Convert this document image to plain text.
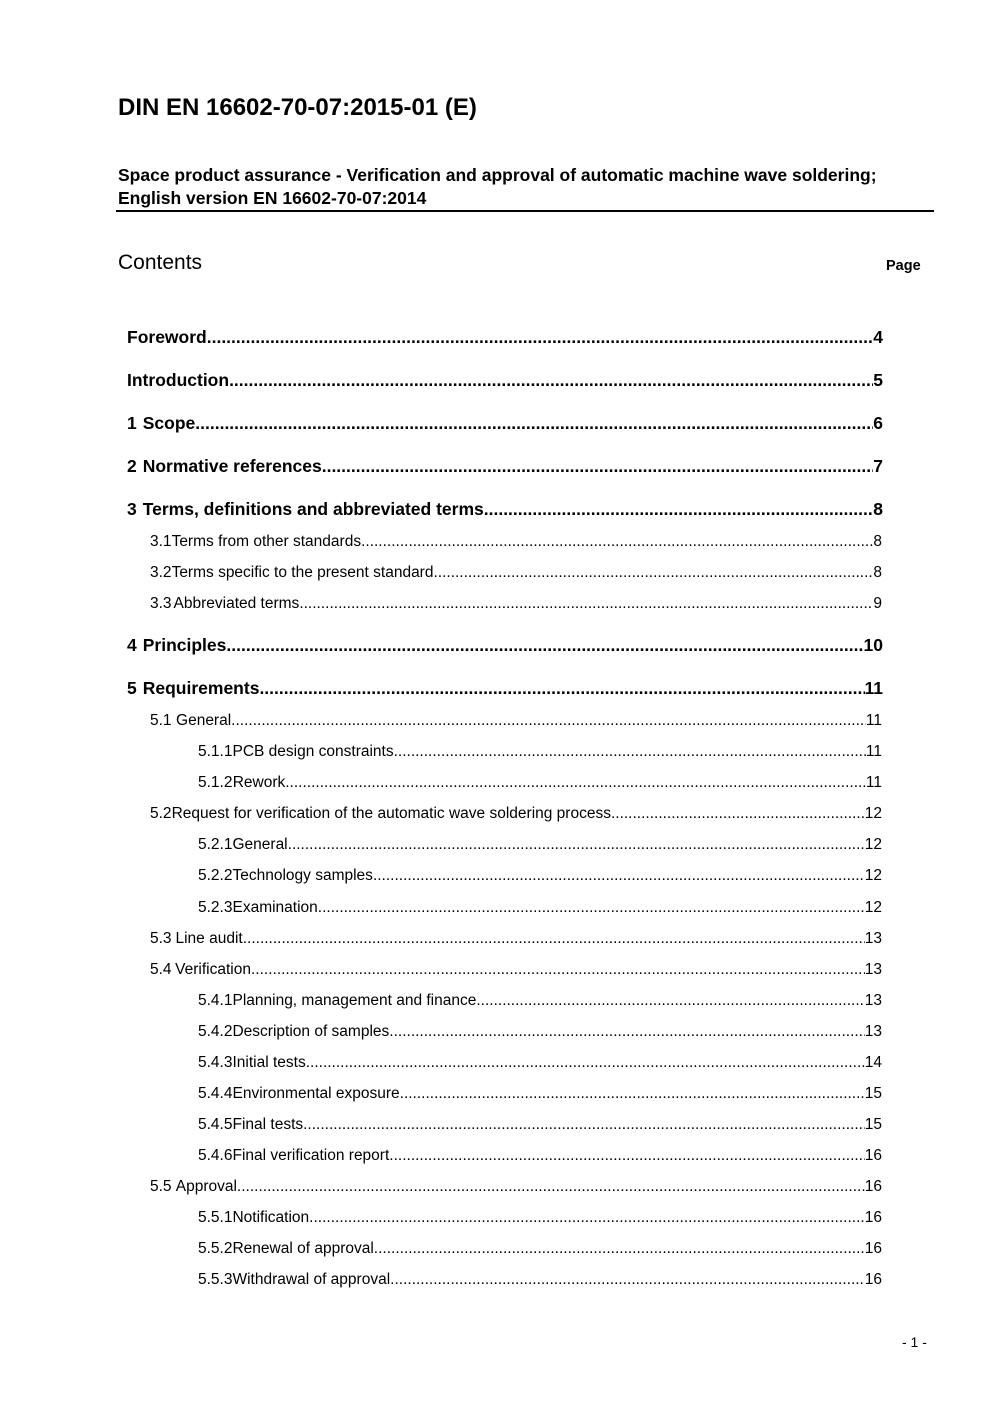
DIN EN 16602-70-07:2015-01 (E)
Space product assurance - Verification and approval of automatic machine wave soldering; English version EN 16602-70-07:2014
Contents	Page
Foreword .....	4
Introduction .....	5
1 Scope .....	6
2 Normative references .....	7
3 Terms, definitions and abbreviated terms .....	8
3.1 Terms from other standards .....	8
3.2 Terms specific to the present standard .....	8
3.3 Abbreviated terms .....	9
4 Principles .....	10
5 Requirements .....	11
5.1 General .....	11
5.1.1 PCB design constraints .....	11
5.1.2 Rework .....	11
5.2 Request for verification of the automatic wave soldering process .....	12
5.2.1 General .....	12
5.2.2 Technology samples .....	12
5.2.3 Examination .....	12
5.3 Line audit .....	13
5.4 Verification .....	13
5.4.1 Planning, management and finance .....	13
5.4.2 Description of samples .....	13
5.4.3 Initial tests .....	14
5.4.4 Environmental exposure .....	15
5.4.5 Final tests .....	15
5.4.6 Final verification report .....	16
5.5 Approval .....	16
5.5.1 Notification .....	16
5.5.2 Renewal of approval .....	16
5.5.3 Withdrawal of approval .....	16
- 1 -
